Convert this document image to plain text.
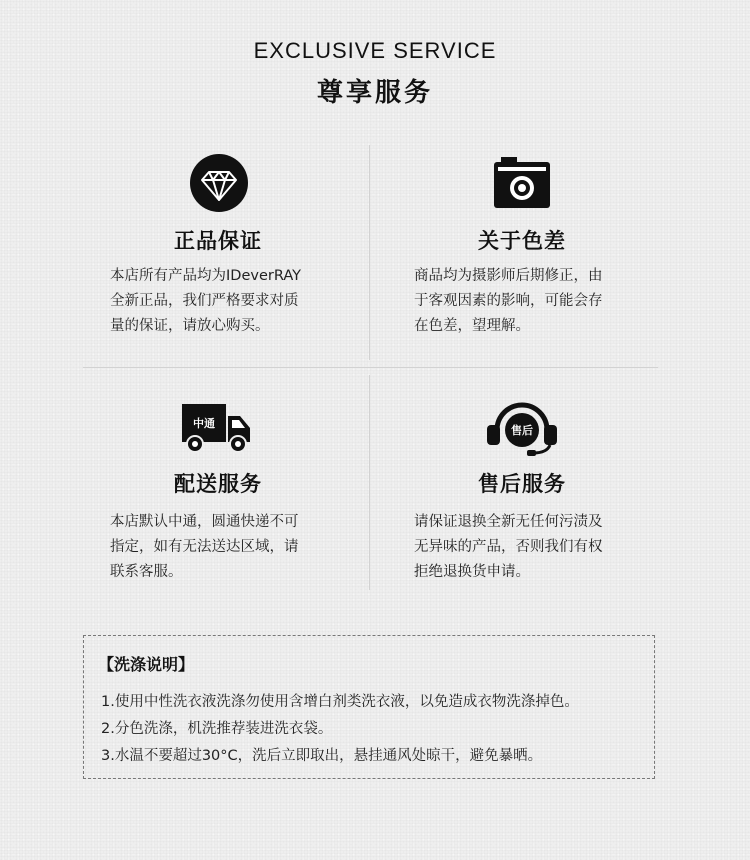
EXCLUSIVE SERVICE
尊享服务
正品保证

本店所有产品均为IDeverRAY
全新正品，我们严格要求对质
量的保证，请放心购买。

关于色差

商品均为摄影师后期修正，由
于客观因素的影响，可能会存
在色差，望理解。

中通
配送服务

本店默认中通，圆通快递不可
指定，如有无法送达区域，请
联系客服。

售后
售后服务

请保证退换全新无任何污渍及
无异味的产品，否则我们有权
拒绝退换货申请。

【洗涤说明】
1.使用中性洗衣液洗涤勿使用含增白剂类洗衣液，以免造成衣物洗涤掉色。
2.分色洗涤，机洗推荐装进洗衣袋。
3.水温不要超过30°C，洗后立即取出，悬挂通风处晾干，避免暴晒。
